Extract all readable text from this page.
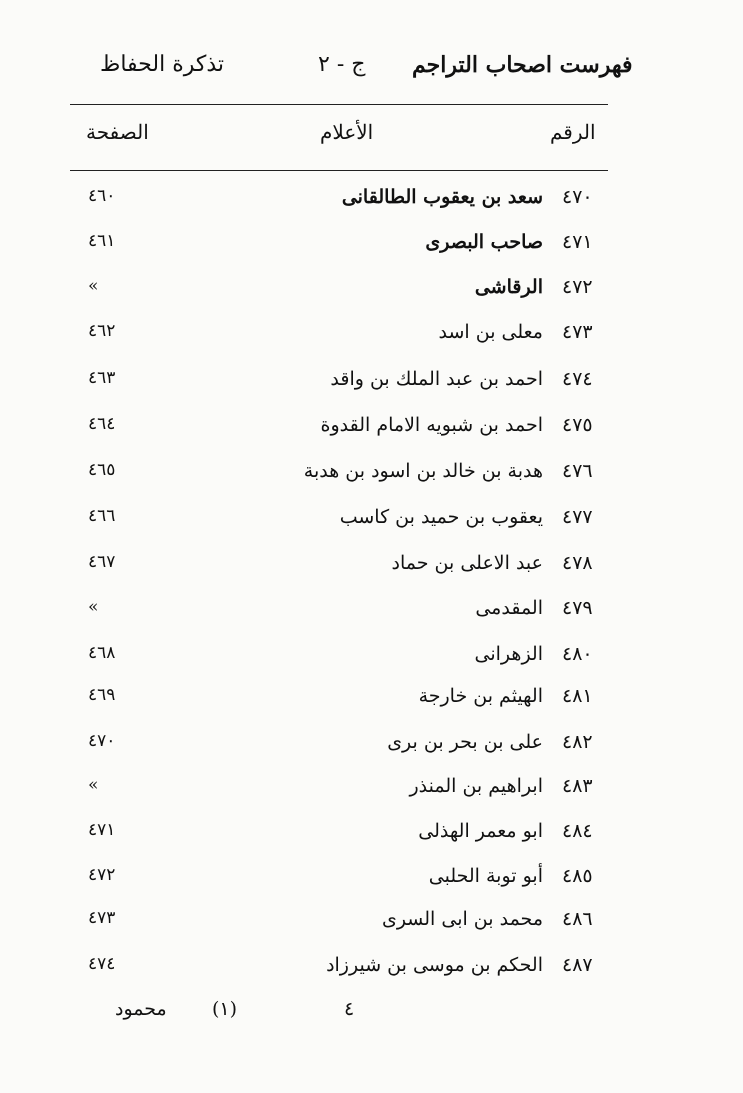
تذكرة الحفاظ	ج - ٢ فهرست اصحاب التراجم
الرقم
الأعلام
الصفحة
٤٧٠
سعد بن يعقوب الطالقانى
٤٦٠
٤٧١
صاحب البصرى
٤٦١
٤٧٢
الرقاشى
»
٤٧٣
معلى بن اسد
٤٦٢
٤٧٤
احمد بن عبد الملك بن واقد
٤٦٣
٤٧٥
احمد بن شبويه الامام القدوة
٤٦٤
٤٧٦
هدبة بن خالد بن اسود بن هدبة
٤٦٥
٤٧٧
يعقوب بن حميد بن كاسب
٤٦٦
٤٧٨
عبد الاعلى بن حماد
٤٦٧
٤٧٩
المقدمى
»
٤٨٠
الزهرانى
٤٦٨
٤٨١
الهيثم بن خارجة
٤٦٩
٤٨٢
على بن بحر بن برى
٤٧٠
٤٨٣
ابراهيم بن المنذر
»
٤٨٤
ابو معمر الهذلى
٤٧١
٤٨٥
أبو توبة الحلبى
٤٧٢
٤٨٦
محمد بن ابى السرى
٤٧٣
٤٨٧
الحكم بن موسى بن شيرزاد
٤٧٤
محمود (١)	٤
